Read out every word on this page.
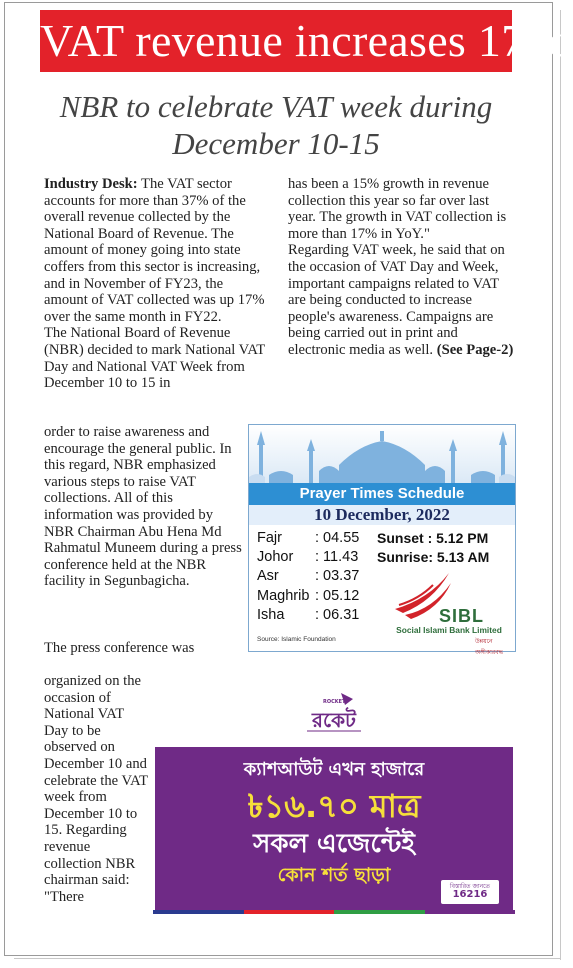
VAT revenue increases 17pc
NBR to celebrate VAT week during December 10-15

Industry Desk: The VAT sector accounts for more than 37% of the overall revenue collected by the National Board of Revenue. The amount of money going into state coffers from this sector is increasing, and in November of FY23, the amount of VAT collected was up 17% over the same month in FY22.

The National Board of Revenue (NBR) decided to mark National VAT Day and National VAT Week from December 10 to 15 in

order to raise awareness and encourage the general public. In this regard, NBR emphasized various steps to raise VAT collections. All of this information was provided by NBR Chairman Abu Hena Md Rahmatul Muneem during a press conference held at the NBR facility in Segunbagicha.

The press conference was

organized on the occasion of National VAT Day to be observed on December 10 and celebrate the VAT week from December 10 to 15. Regarding revenue collection NBR chairman said: "There

has been a 15% growth in revenue collection this year so far over last year. The growth in VAT collection is more than 17% in YoY."

Regarding VAT week, he said that on the occasion of VAT Day and Week, important campaigns related to VAT are being conducted to increase people's awareness. Campaigns are being carried out in print and electronic media as well. (See Page-2)

Prayer Times Schedule
10 December, 2022
Fajr	: 04.55
Johor	: 11.43
Asr	: 03.37
Maghrib : 05.12
Isha	: 06.31
Sunset : 5.12 PM
Sunrise: 5.13 AM
SIBL
Social Islami Bank Limited
উন্নয়নে অঙ্গীকারবদ্ধ
Source: Islamic Foundation
ROCKET
রকেট
ক্যাশআউট এখন হাজারে
৳১৬.৭০ মাত্র
সকল এজেন্টেই
কোন শর্ত ছাড়া
বিস্তারিত জানতে
16216
